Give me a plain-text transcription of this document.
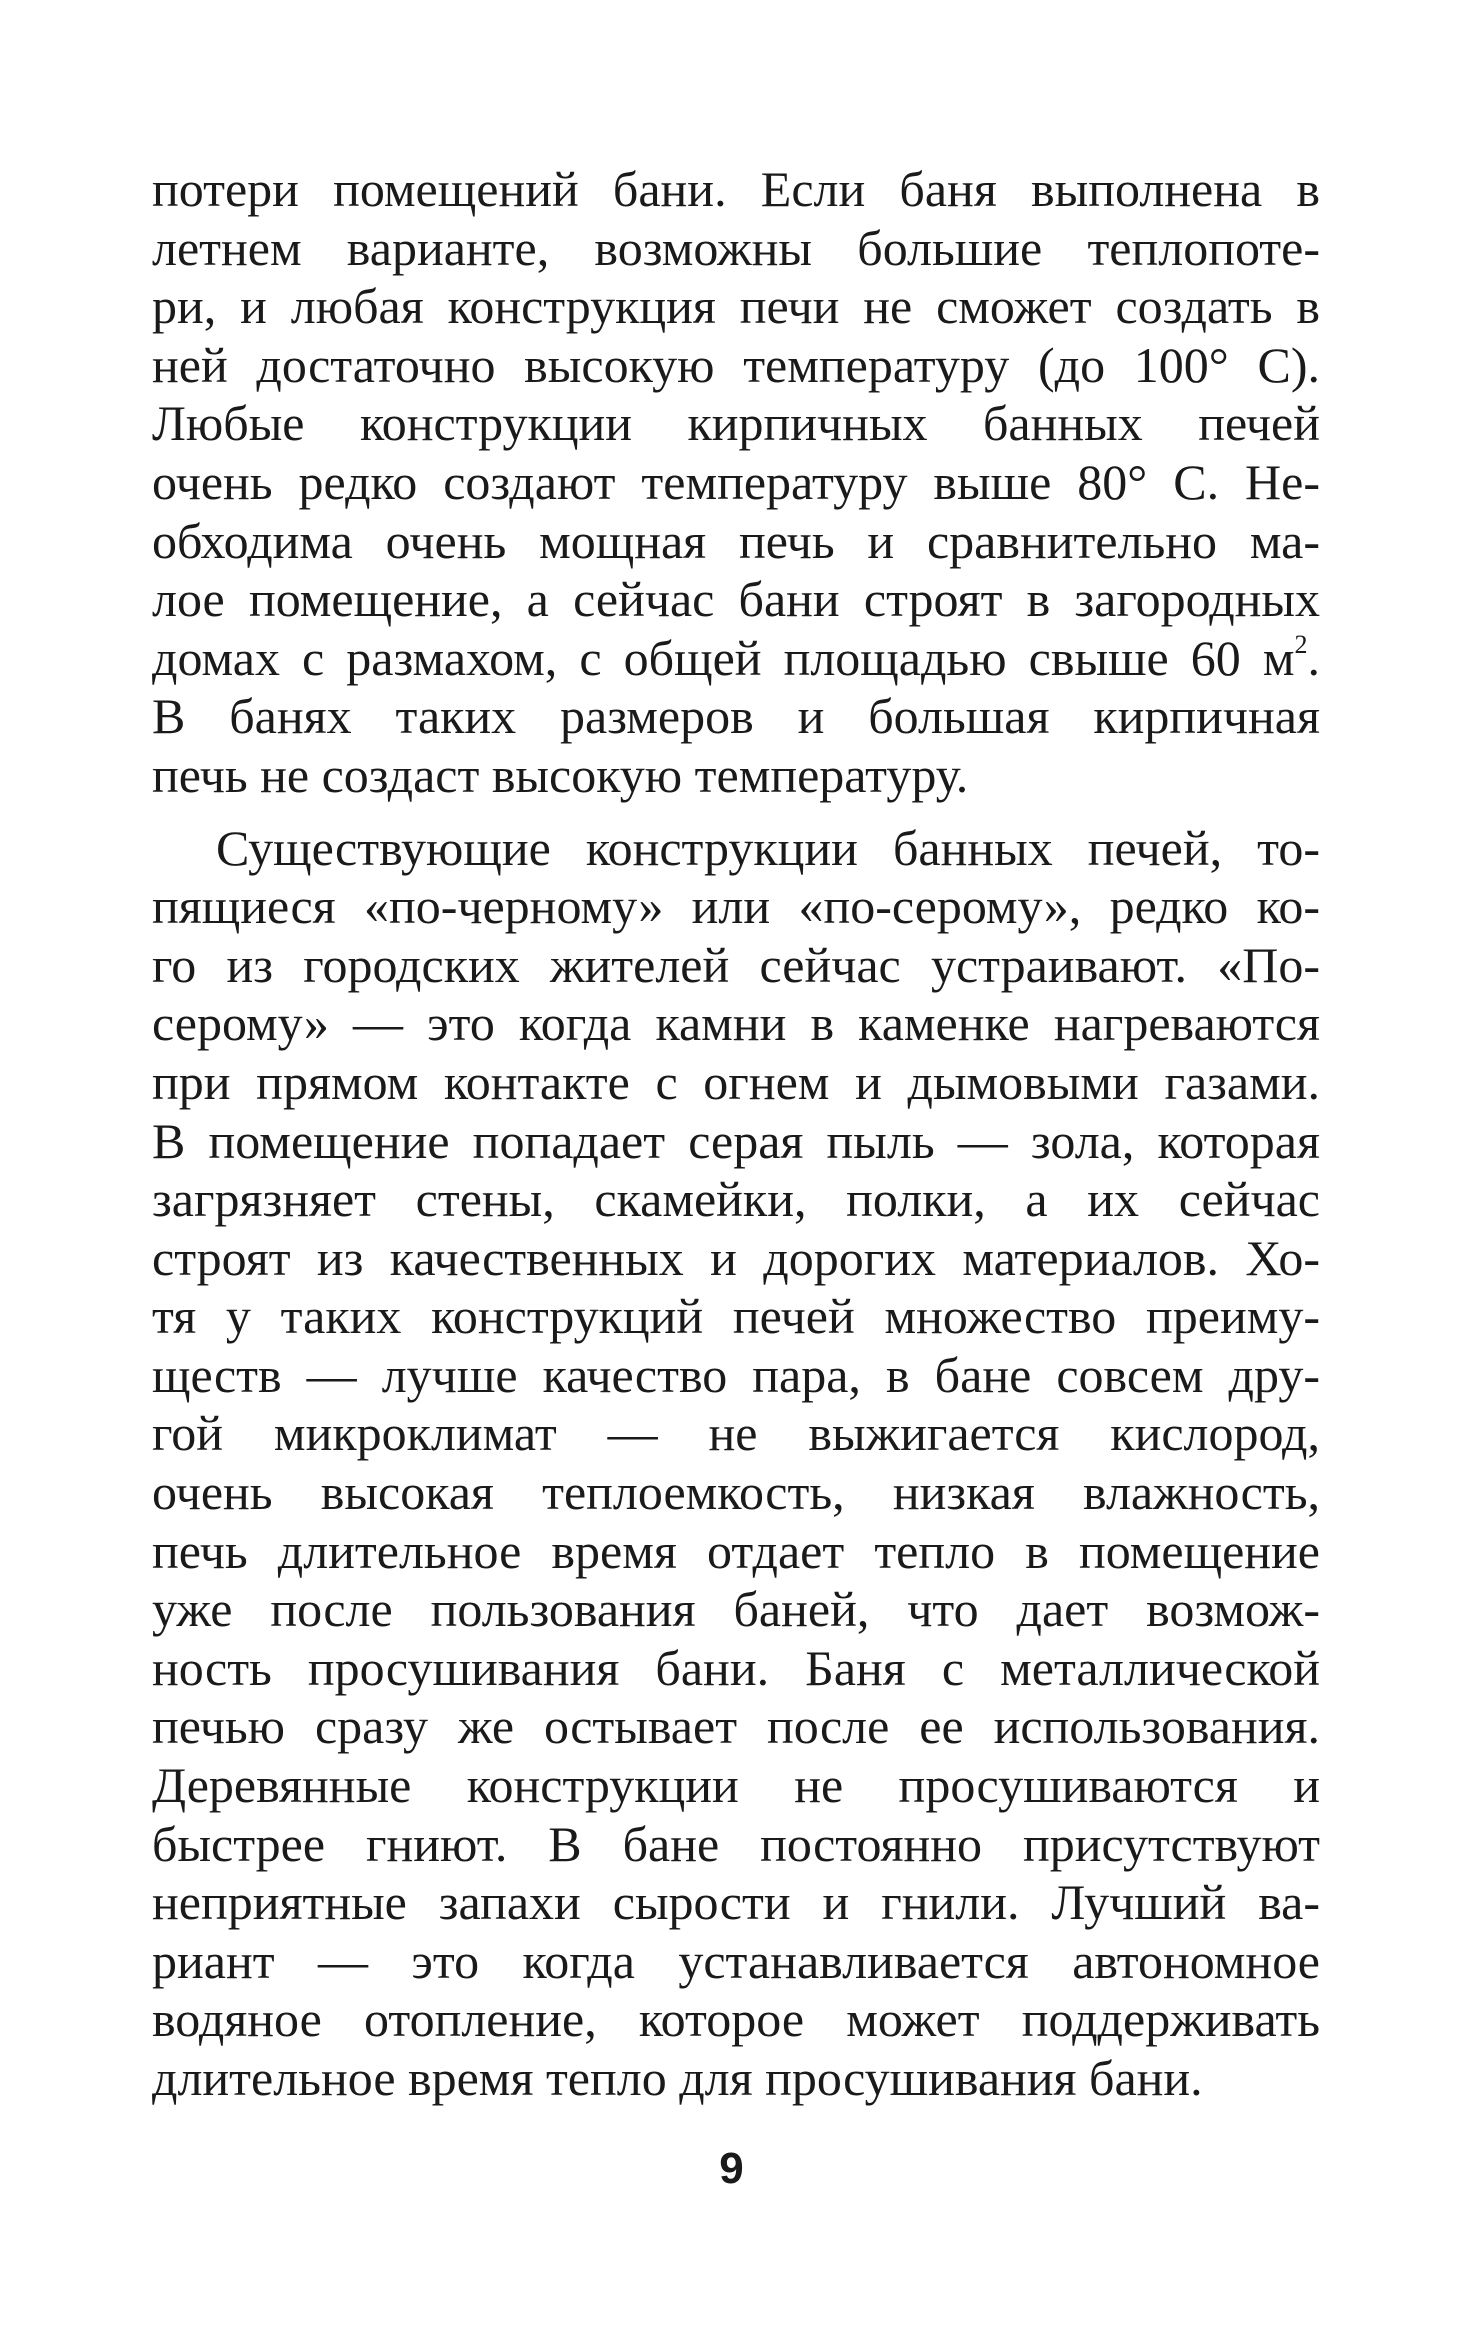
потери помещений бани. Если баня выполнена в
летнем варианте, возможны большие теплопоте-
ри, и любая конструкция печи не сможет создать в
ней достаточно высокую температуру (до 100° С).
Любые конструкции кирпичных банных печей
очень редко создают температуру выше 80° С. Не-
обходима очень мощная печь и сравнительно ма-
лое помещение, а сейчас бани строят в загородных
домах с размахом, с общей площадью свыше 60 $м^2$.
В банях таких размеров и большая кирпичная
печь не создаст высокую температуру.
Существующие конструкции банных печей, то-
пящиеся «по-черному» или «по-серому», редко ко-
го из городских жителей сейчас устраивают. «По-
серому» — это когда камни в каменке нагреваются
при прямом контакте с огнем и дымовыми газами.
В помещение попадает серая пыль — зола, которая
загрязняет стены, скамейки, полки, а их сейчас
строят из качественных и дорогих материалов. Хо-
тя у таких конструкций печей множество преиму-
ществ — лучше качество пара, в бане совсем дру-
гой микроклимат — не выжигается кислород,
очень высокая теплоемкость, низкая влажность,
печь длительное время отдает тепло в помещение
уже после пользования баней, что дает возмож-
ность просушивания бани. Баня с металлической
печью сразу же остывает после ее использования.
Деревянные конструкции не просушиваются и
быстрее гниют. В бане постоянно присутствуют
неприятные запахи сырости и гнили. Лучший ва-
риант — это когда устанавливается автономное
водяное отопление, которое может поддерживать
длительное время тепло для просушивания бани.
9
